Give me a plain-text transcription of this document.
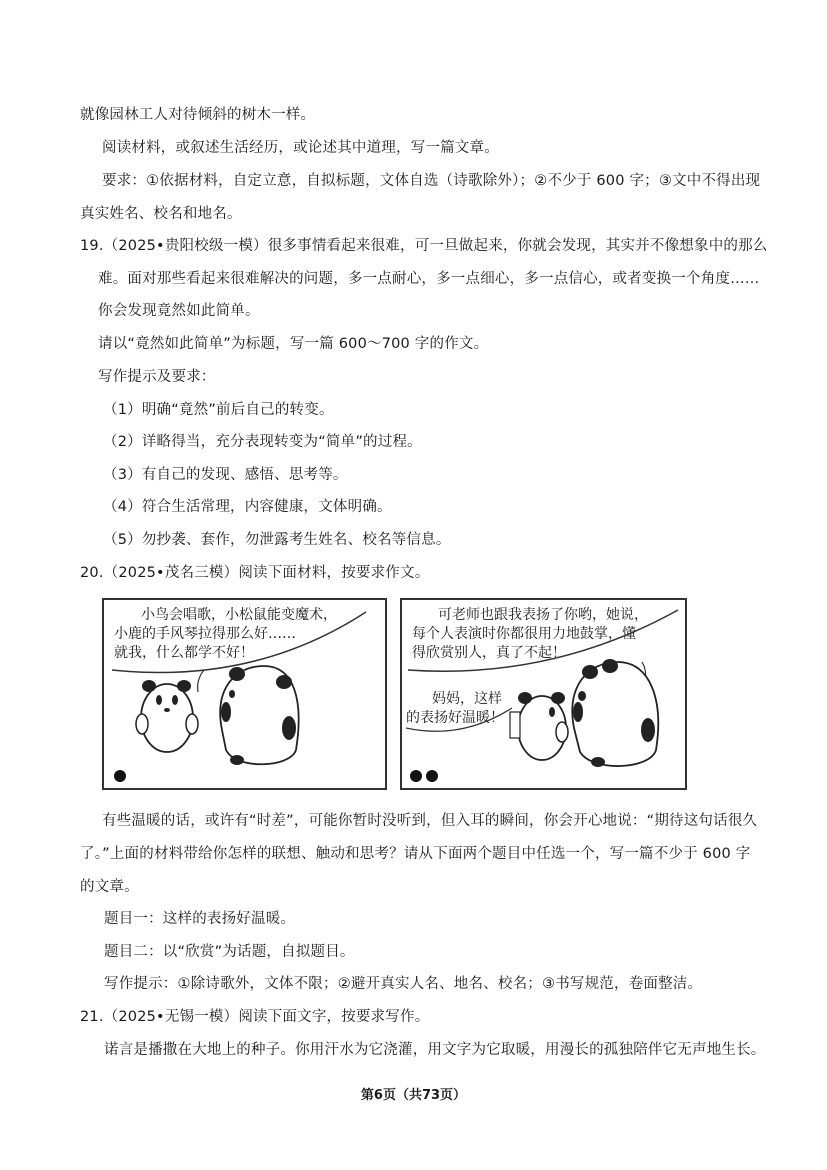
就像园林工人对待倾斜的树木一样。
阅读材料，或叙述生活经历，或论述其中道理，写一篇文章。
要求：①依据材料，自定立意，自拟标题，文体自选（诗歌除外）；②不少于 600 字；③文中不得出现
真实姓名、校名和地名。
19.（2025•贵阳校级一模）很多事情看起来很难，可一旦做起来，你就会发现，其实并不像想象中的那么
难。面对那些看起来很难解决的问题，多一点耐心，多一点细心，多一点信心，或者变换一个角度……
你会发现竟然如此简单。
请以“竟然如此简单”为标题，写一篇 600～700 字的作文。
写作提示及要求：
（1）明确“竟然”前后自己的转变。
（2）详略得当，充分表现转变为“简单”的过程。
（3）有自己的发现、感悟、思考等。
（4）符合生活常理，内容健康，文体明确。
（5）勿抄袭、套作，勿泄露考生姓名、校名等信息。
20.（2025•茂名三模）阅读下面材料，按要求作文。
小鸟会唱歌，小松鼠能变魔术，
小鹿的手风琴拉得那么好……
就我，什么都学不好！
可老师也跟我表扬了你哟，她说，
每个人表演时你都很用力地鼓掌，懂
得欣赏别人，真了不起！
妈妈，这样
的表扬好温暖！
有些温暖的话，或许有“时差”，可能你暂时没听到，但入耳的瞬间，你会开心地说：“期待这句话很久
了。”上面的材料带给你怎样的联想、触动和思考？请从下面两个题目中任选一个，写一篇不少于 600 字
的文章。
题目一：这样的表扬好温暖。
题目二：以“欣赏”为话题，自拟题目。
写作提示：①除诗歌外，文体不限；②避开真实人名、地名、校名；③书写规范，卷面整洁。
21.（2025•无锡一模）阅读下面文字，按要求写作。
诺言是播撒在大地上的种子。你用汗水为它浇灌，用文字为它取暖，用漫长的孤独陪伴它无声地生长。
第6页（共73页）
